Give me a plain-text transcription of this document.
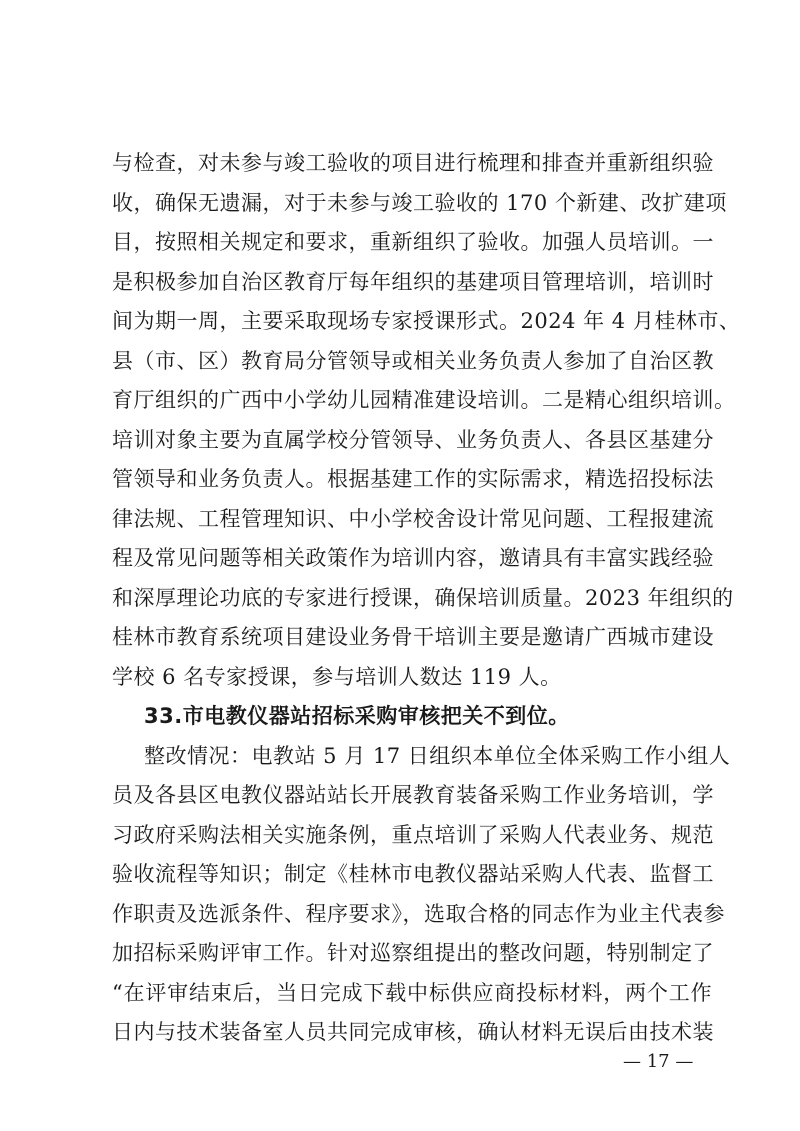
与检查，对未参与竣工验收的项目进行梳理和排查并重新组织验
收，确保无遗漏，对于未参与竣工验收的 170 个新建、改扩建项
目，按照相关规定和要求，重新组织了验收。加强人员培训。一
是积极参加自治区教育厅每年组织的基建项目管理培训，培训时
间为期一周，主要采取现场专家授课形式。2024 年 4 月桂林市、
县（市、区）教育局分管领导或相关业务负责人参加了自治区教
育厅组织的广西中小学幼儿园精准建设培训。二是精心组织培训。
培训对象主要为直属学校分管领导、业务负责人、各县区基建分
管领导和业务负责人。根据基建工作的实际需求，精选招投标法
律法规、工程管理知识、中小学校舍设计常见问题、工程报建流
程及常见问题等相关政策作为培训内容，邀请具有丰富实践经验
和深厚理论功底的专家进行授课，确保培训质量。2023 年组织的
桂林市教育系统项目建设业务骨干培训主要是邀请广西城市建设
学校 6 名专家授课，参与培训人数达 119 人。
33.市电教仪器站招标采购审核把关不到位。
整改情况：电教站 5 月 17 日组织本单位全体采购工作小组人
员及各县区电教仪器站站长开展教育装备采购工作业务培训，学
习政府采购法相关实施条例，重点培训了采购人代表业务、规范
验收流程等知识；制定《桂林市电教仪器站采购人代表、监督工
作职责及选派条件、程序要求》，选取合格的同志作为业主代表参
加招标采购评审工作。针对巡察组提出的整改问题，特别制定了
“在评审结束后，当日完成下载中标供应商投标材料，两个工作
日内与技术装备室人员共同完成审核，确认材料无误后由技术装
— 17 —
